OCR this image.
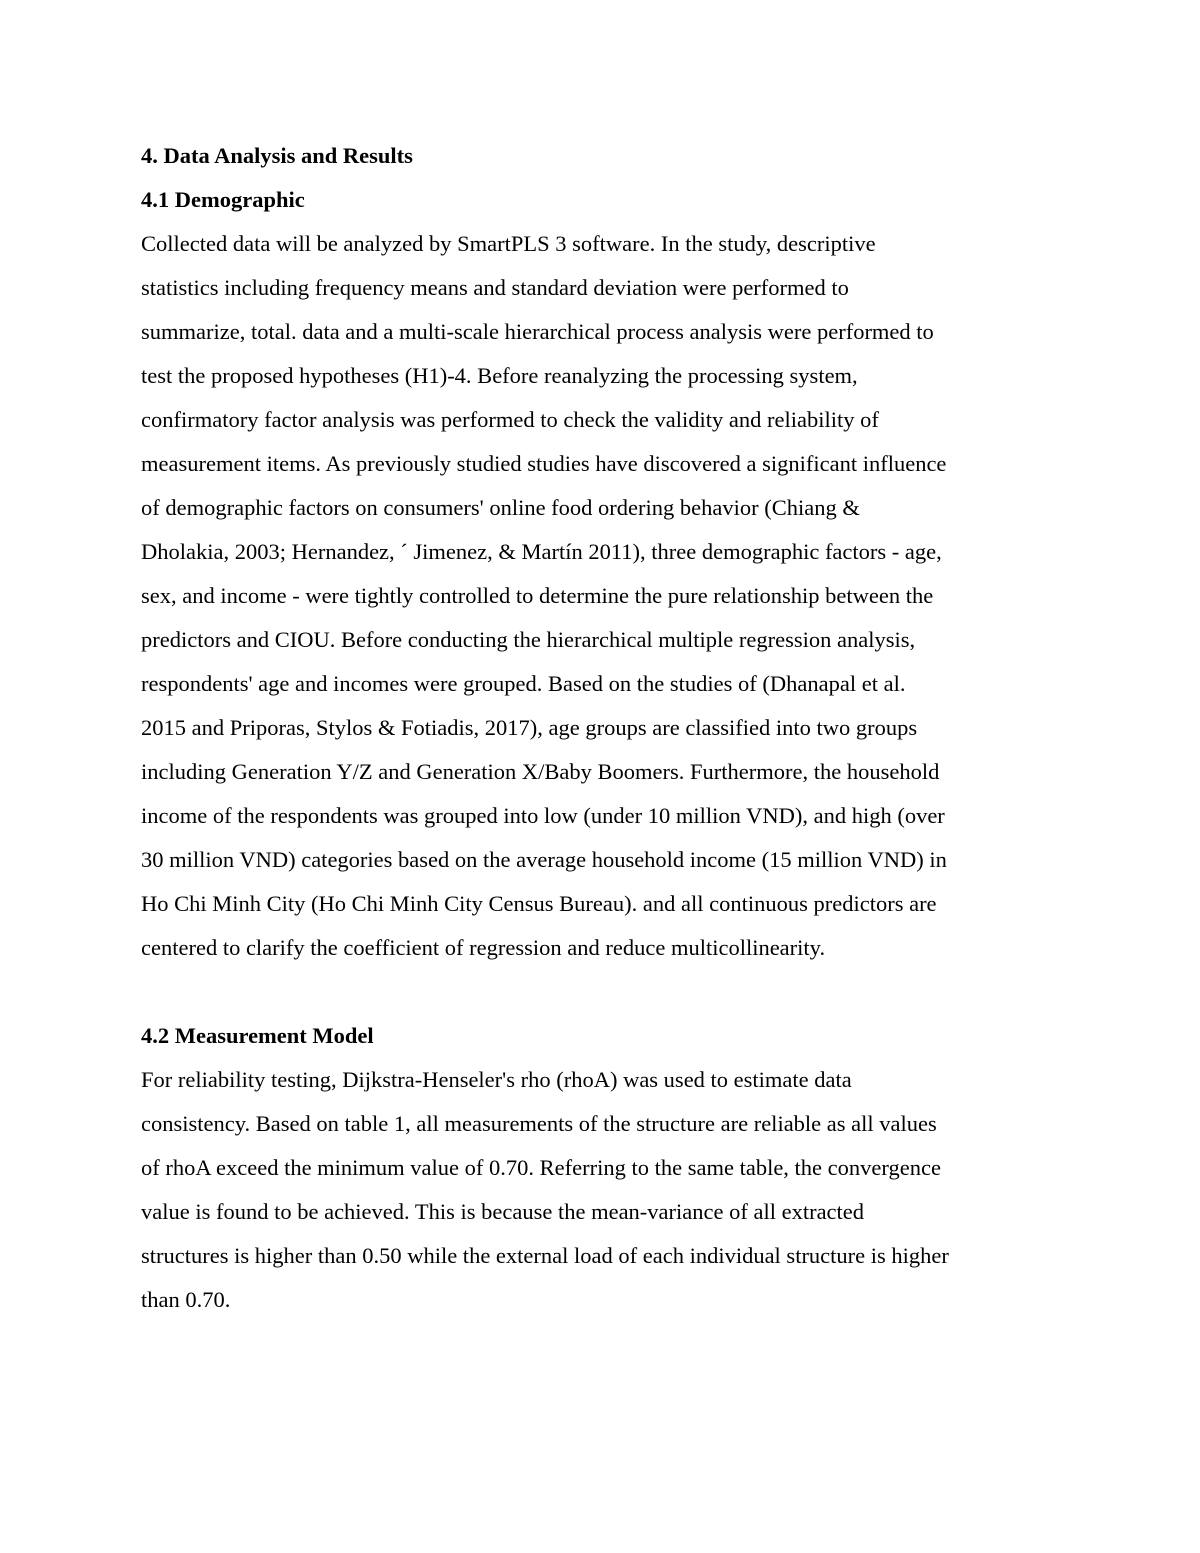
4. Data Analysis and Results

4.1 Demographic

Collected data will be analyzed by SmartPLS 3 software. In the study, descriptive

statistics including frequency means and standard deviation were performed to

summarize, total. data and a multi-scale hierarchical process analysis were performed to

test the proposed hypotheses (H1)-4. Before reanalyzing the processing system,

confirmatory factor analysis was performed to check the validity and reliability of

measurement items. As previously studied studies have discovered a significant influence

of demographic factors on consumers' online food ordering behavior (Chiang &

Dholakia, 2003; Hernandez, ´ Jimenez, & Martín 2011), three demographic factors - age,

sex, and income - were tightly controlled to determine the pure relationship between the

predictors and CIOU. Before conducting the hierarchical multiple regression analysis,

respondents' age and incomes were grouped. Based on the studies of (Dhanapal et al.

2015 and Priporas, Stylos & Fotiadis, 2017), age groups are classified into two groups

including Generation Y/Z and Generation X/Baby Boomers. Furthermore, the household

income of the respondents was grouped into low (under 10 million VND), and high (over

30 million VND) categories based on the average household income (15 million VND) in

Ho Chi Minh City (Ho Chi Minh City Census Bureau). and all continuous predictors are

centered to clarify the coefficient of regression and reduce multicollinearity.

4.2 Measurement Model

For reliability testing, Dijkstra-Henseler's rho (rhoA) was used to estimate data

consistency. Based on table 1, all measurements of the structure are reliable as all values

of rhoA exceed the minimum value of 0.70. Referring to the same table, the convergence

value is found to be achieved. This is because the mean-variance of all extracted

structures is higher than 0.50 while the external load of each individual structure is higher

than 0.70.
